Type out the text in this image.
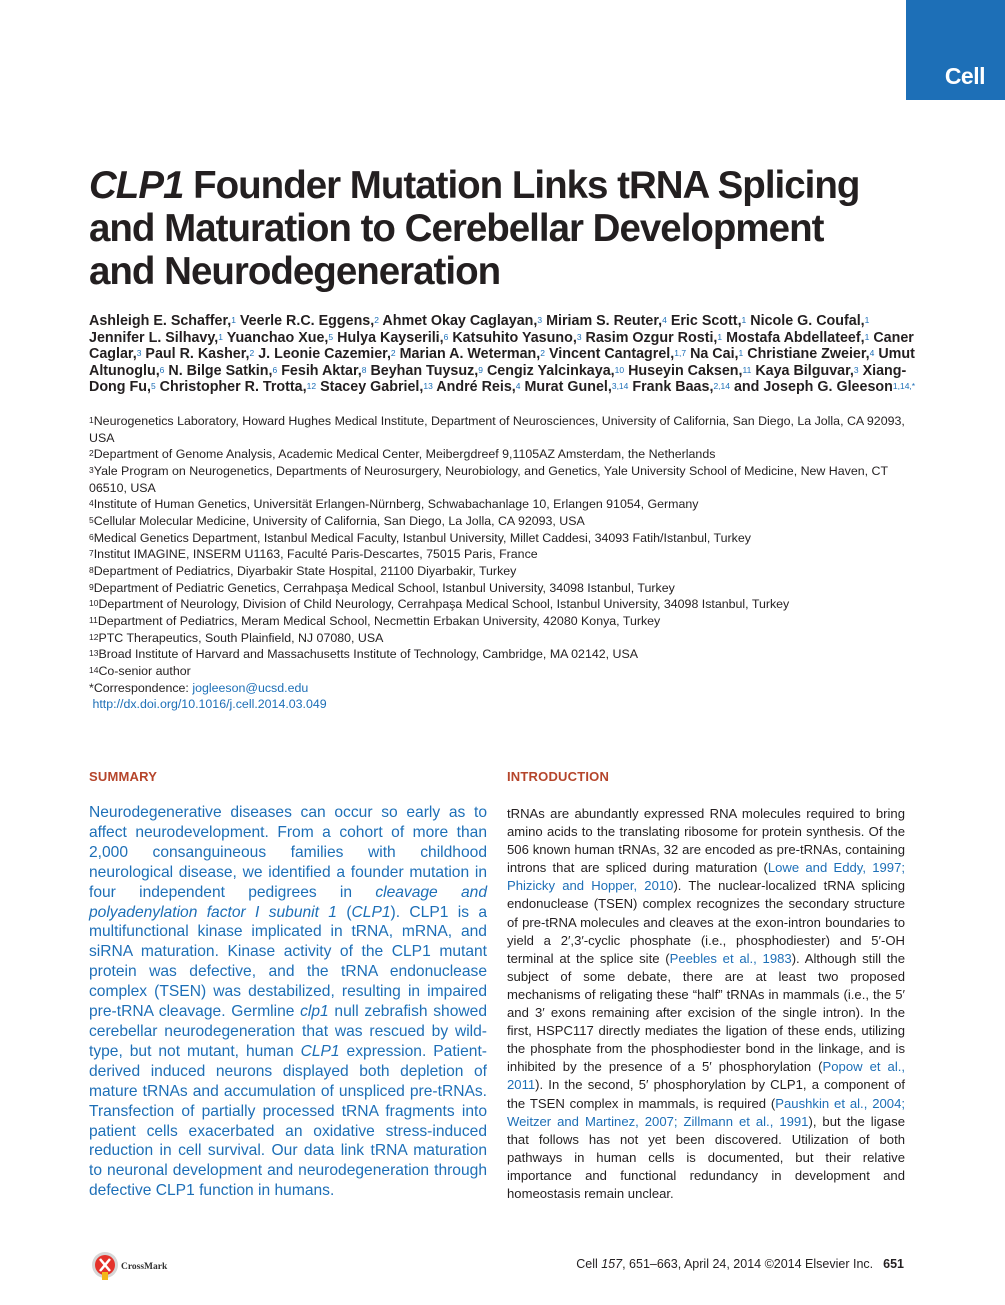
Cell
CLP1 Founder Mutation Links tRNA Splicing and Maturation to Cerebellar Development and Neurodegeneration

Ashleigh E. Schaffer,$^1$ Veerle R.C. Eggens,$^2$ Ahmet Okay Caglayan,$^3$ Miriam S. Reuter,$^4$ Eric Scott,$^1$ Nicole G. Coufal,$^1$ Jennifer L. Silhavy,$^1$ Yuanchao Xue,$^5$ Hulya Kayserili,$^6$ Katsuhito Yasuno,$^3$ Rasim Ozgur Rosti,$^1$ Mostafa Abdellateef,$^1$ Caner Caglar,$^3$ Paul R. Kasher,$^2$ J. Leonie Cazemier,$^2$ Marian A. Weterman,$^2$ Vincent Cantagrel,$^{1,7}$ Na Cai,$^1$ Christiane Zweier,$^4$ Umut Altunoglu,$^6$ N. Bilge Satkin,$^6$ Fesih Aktar,$^8$ Beyhan Tuysuz,$^9$ Cengiz Yalcinkaya,$^{10}$ Huseyin Caksen,$^{11}$ Kaya Bilguvar,$^3$ Xiang-Dong Fu,$^5$ Christopher R. Trotta,$^{12}$ Stacey Gabriel,$^{13}$ André Reis,$^4$ Murat Gunel,$^{3,14}$ Frank Baas,$^{2,14}$ and Joseph G. Gleeson$^{1,14,*}$

$^1$Neurogenetics Laboratory, Howard Hughes Medical Institute, Department of Neurosciences, University of California, San Diego, La Jolla, CA 92093, USA

$^2$Department of Genome Analysis, Academic Medical Center, Meibergdreef 9,1105AZ Amsterdam, the Netherlands

$^3$Yale Program on Neurogenetics, Departments of Neurosurgery, Neurobiology, and Genetics, Yale University School of Medicine, New Haven, CT 06510, USA

$^4$Institute of Human Genetics, Universität Erlangen-Nürnberg, Schwabachanlage 10, Erlangen 91054, Germany

$^5$Cellular Molecular Medicine, University of California, San Diego, La Jolla, CA 92093, USA

$^6$Medical Genetics Department, Istanbul Medical Faculty, Istanbul University, Millet Caddesi, 34093 Fatih/Istanbul, Turkey

$^7$Institut IMAGINE, INSERM U1163, Faculté Paris-Descartes, 75015 Paris, France

$^8$Department of Pediatrics, Diyarbakir State Hospital, 21100 Diyarbakir, Turkey

$^9$Department of Pediatric Genetics, Cerrahpaşa Medical School, Istanbul University, 34098 Istanbul, Turkey

$^{10}$Department of Neurology, Division of Child Neurology, Cerrahpaşa Medical School, Istanbul University, 34098 Istanbul, Turkey

$^{11}$Department of Pediatrics, Meram Medical School, Necmettin Erbakan University, 42080 Konya, Turkey

$^{12}$PTC Therapeutics, South Plainfield, NJ 07080, USA

$^{13}$Broad Institute of Harvard and Massachusetts Institute of Technology, Cambridge, MA 02142, USA

$^{14}$Co-senior author

*Correspondence: jogleeson@ucsd.edu

http://dx.doi.org/10.1016/j.cell.2014.03.049

SUMMARY	INTRODUCTION

Neurodegenerative diseases can occur so early as to affect neurodevelopment. From a cohort of more than 2,000 consanguineous families with childhood neurological disease, we identified a founder mutation in four independent pedigrees in cleavage and polyadenylation factor I subunit 1 (CLP1). CLP1 is a multifunctional kinase implicated in tRNA, mRNA, and siRNA maturation. Kinase activity of the CLP1 mutant protein was defective, and the tRNA endonuclease complex (TSEN) was destabilized, resulting in impaired pre-tRNA cleavage. Germline clp1 null zebrafish showed cerebellar neurodegeneration that was rescued by wild-type, but not mutant, human CLP1 expression. Patient-derived induced neurons displayed both depletion of mature tRNAs and accumulation of unspliced pre-tRNAs. Transfection of partially processed tRNA fragments into patient cells exacerbated an oxidative stress-induced reduction in cell survival. Our data link tRNA maturation to neuronal development and neurodegeneration through defective CLP1 function in humans.

tRNAs are abundantly expressed RNA molecules required to bring amino acids to the translating ribosome for protein synthesis. Of the 506 known human tRNAs, 32 are encoded as pre-tRNAs, containing introns that are spliced during maturation (Lowe and Eddy, 1997; Phizicky and Hopper, 2010). The nuclear-localized tRNA splicing endonuclease (TSEN) complex recognizes the secondary structure of pre-tRNA molecules and cleaves at the exon-intron boundaries to yield a 2′,3′-cyclic phosphate (i.e., phosphodiester) and 5′-OH terminal at the splice site (Peebles et al., 1983). Although still the subject of some debate, there are at least two proposed mechanisms of religating these “half” tRNAs in mammals (i.e., the 5′ and 3′ exons remaining after excision of the single intron). In the first, HSPC117 directly mediates the ligation of these ends, utilizing the phosphate from the phosphodiester bond in the linkage, and is inhibited by the presence of a 5′ phosphorylation (Popow et al., 2011). In the second, 5′ phosphorylation by CLP1, a component of the TSEN complex in mammals, is required (Paushkin et al., 2004; Weitzer and Martinez, 2007; Zillmann et al., 1991), but the ligase that follows has not yet been discovered. Utilization of both pathways in human cells is documented, but their relative importance and functional redundancy in development and homeostasis remain unclear.

CrossMark	Cell 157, 651–663, April 24, 2014 ©2014 Elsevier Inc. 651
